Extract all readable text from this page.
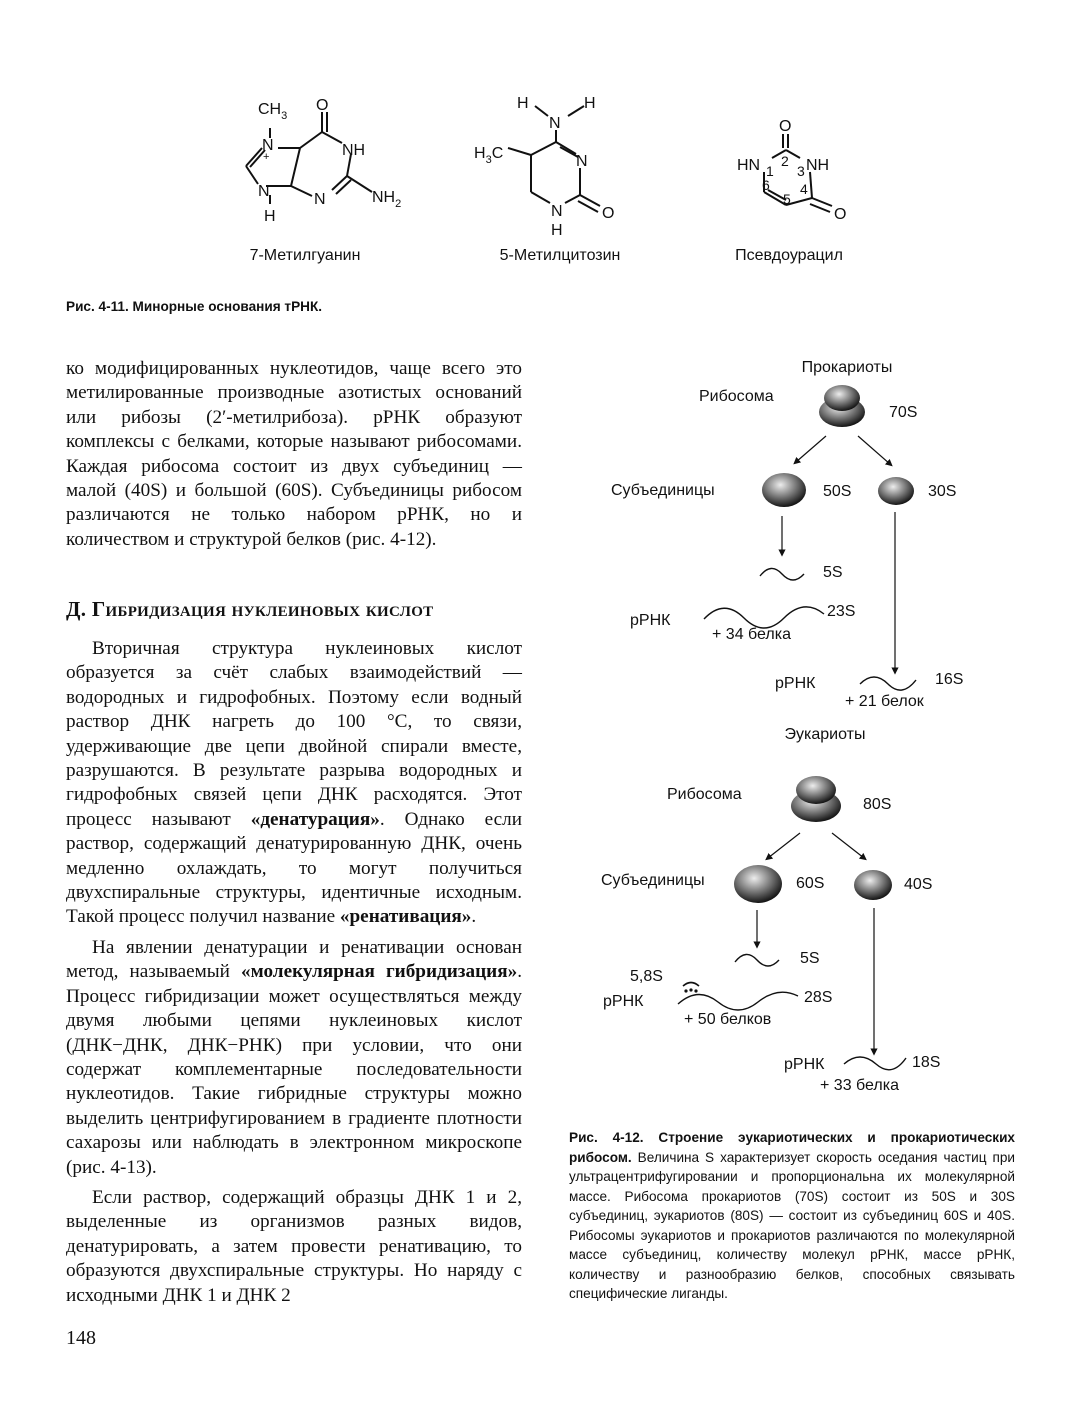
$CH_3$
O
N
+	NH
N
H
N	$NH_2$
H
N
H
$H_3C$	N
N
H
O
O
HN 1
2
3 NH
4
5
6
O
7-Метилгуанин	5-Метилцитозин	Псевдоурацил
Рис. 4-11. Минорные основания тРНК.

ко модифицированных нуклеотидов, чаще всего это метилированные производные азотистых оснований или рибозы (2′-метилрибоза). рРНК образуют комплексы с белками, которые называют рибосомами. Каждая рибосома состоит из двух субъединиц — малой (40S) и большой (60S). Субъединицы рибосом различаются не только набором рРНК, но и количеством и структурой белков (рис. 4-12).

Д. Гибридизация нуклеиновых кислот

Вторичная структура нуклеиновых кислот образуется за счёт слабых взаимодействий — водородных и гидрофобных. Поэтому если водный раствор ДНК нагреть до 100 °С, то связи, удерживающие две цепи двойной спирали вместе, разрушаются. В результате разрыва водородных и гидрофобных связей цепи ДНК расходятся. Этот процесс называют «денатурация». Однако если раствор, содержащий денатурированную ДНК, очень медленно охлаждать, то могут получиться двухспиральные структуры, идентичные исходным. Такой процесс получил название «ренативация».

На явлении денатурации и ренативации основан метод, называемый «молекулярная гибридизация». Процесс гибридизации может осуществляться между двумя любыми цепями нуклеиновых кислот (ДНК−ДНК, ДНК−РНК) при условии, что они содержат комплементарные последовательности нуклеотидов. Такие гибридные структуры можно выделить центрифугированием в градиенте плотности сахарозы или наблюдать в электронном микроскопе (рис. 4-13).

Если раствор, содержащий образцы ДНК 1 и 2, выделенные из организмов разных видов, денатурировать, а затем провести ренативацию, то образуются двухспиральные структуры. Но наряду с исходными ДНК 1 и ДНК 2

148
Прокариоты
Рибосома
70S
Субъединицы	50S	30S
5S
рРНК
23S
+ 34 белка
рРНК	16S
+ 21 белок
Эукариоты
Рибосома
80S
Субъединицы	60S	40S
5S
5,8S
рРНК	28S
+ 50 белков
рРНК	18S
+ 33 белка
Рис. 4-12. Строение эукариотических и прокариотических рибосом. Величина S характеризует скорость оседания частиц при ультрацентрифугировании и пропорциональна их молекулярной массе. Рибосома прокариотов (70S) состоит из 50S и 30S субъединиц, эукариотов (80S) — состоит из субъединиц 60S и 40S. Рибосомы эукариотов и прокариотов различаются по молекулярной массе субъединиц, количеству молекул рРНК, массе рРНК, количеству и разнообразию белков, способных связывать специфические лиганды.
